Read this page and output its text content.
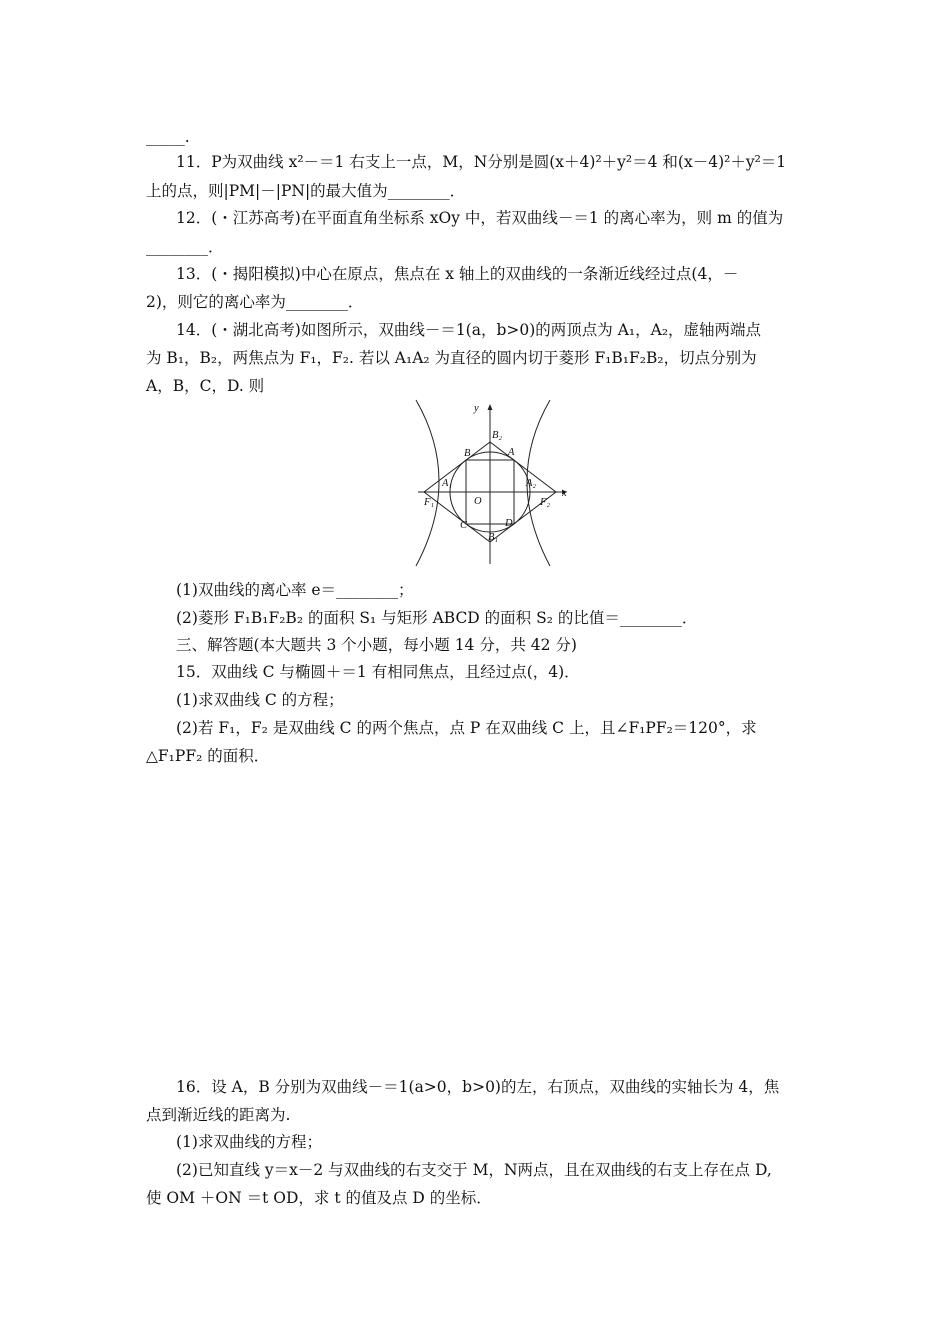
_____.
11．P为双曲线 x²－＝1 右支上一点，M，N分别是圆(x＋4)²＋y²＝4 和(x－4)²＋y²＝1
上的点，则|PM|－|PN|的最大值为________．
12．(・江苏高考)在平面直角坐标系 xOy 中，若双曲线－＝1 的离心率为，则 m 的值为
________．
13．(・揭阳模拟)中心在原点，焦点在 x 轴上的双曲线的一条渐近线经过点(4，－
2)，则它的离心率为________．
14．(・湖北高考)如图所示，双曲线－＝1(a，b>0)的两顶点为 A₁，A₂，虚轴两端点
为 B₁，B₂，两焦点为 F₁，F₂. 若以 A₁A₂ 为直径的圆内切于菱形 F₁B₁F₂B₂，切点分别为
A，B，C，D. 则
y
x
B₂
B	A
A₁	A₂
F₁	F₂
O
C	D
B₁
(1)双曲线的离心率 e＝________；
(2)菱形 F₁B₁F₂B₂ 的面积 S₁ 与矩形 ABCD 的面积 S₂ 的比值＝________．
三、解答题(本大题共 3 个小题，每小题 14 分，共 42 分)
15．双曲线 C 与椭圆＋＝1 有相同焦点，且经过点(，4)．
(1)求双曲线 C 的方程；
(2)若 F₁，F₂ 是双曲线 C 的两个焦点，点 P 在双曲线 C 上，且∠F₁PF₂＝120°，求
△F₁PF₂ 的面积．
16．设 A，B 分别为双曲线－＝1(a>0，b>0)的左，右顶点，双曲线的实轴长为 4，焦
点到渐近线的距离为.
(1)求双曲线的方程；
(2)已知直线 y＝x－2 与双曲线的右支交于 M，N两点，且在双曲线的右支上存在点 D,
使 OM ＋ON ＝t OD，求 t 的值及点 D 的坐标．
